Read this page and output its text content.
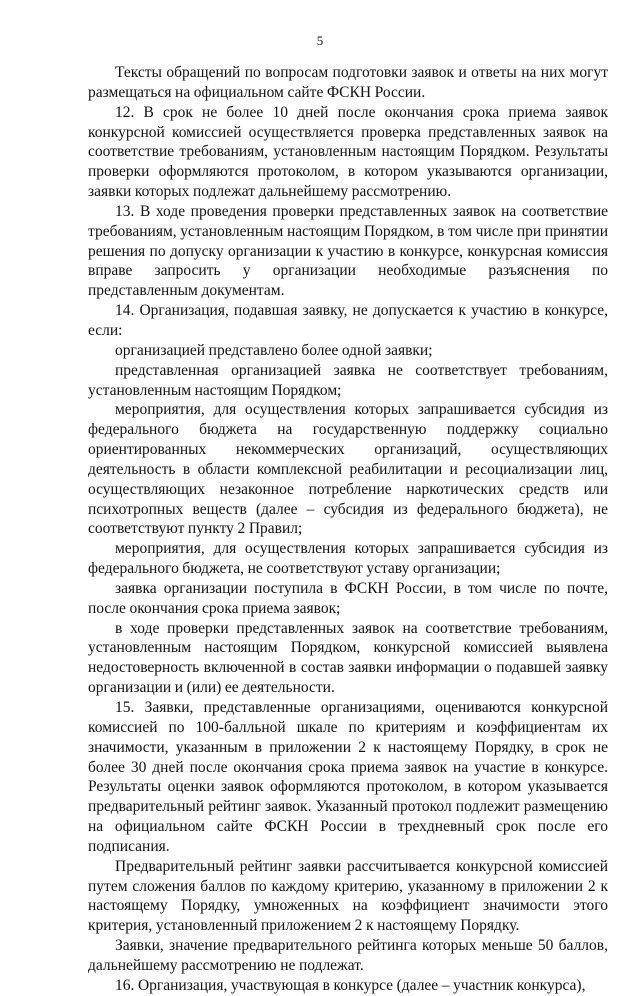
5

Тексты обращений по вопросам подготовки заявок и ответы на них могут размещаться на официальном сайте ФСКН России.

12. В срок не более 10 дней после окончания срока приема заявок конкурсной комиссией осуществляется проверка представленных заявок на соответствие требованиям, установленным настоящим Порядком. Результаты проверки оформляются протоколом, в котором указываются организации, заявки которых подлежат дальнейшему рассмотрению.

13. В ходе проведения проверки представленных заявок на соответствие требованиям, установленным настоящим Порядком, в том числе при принятии решения по допуску организации к участию в конкурсе, конкурсная комиссия вправе запросить у организации необходимые разъяснения по представленным документам.

14. Организация, подавшая заявку, не допускается к участию в конкурсе, если:

организацией представлено более одной заявки;

представленная организацией заявка не соответствует требованиям, установленным настоящим Порядком;

мероприятия, для осуществления которых запрашивается субсидия из федерального бюджета на государственную поддержку социально ориентированных некоммерческих организаций, осуществляющих деятельность в области комплексной реабилитации и ресоциализации лиц, осуществляющих незаконное потребление наркотических средств или психотропных веществ (далее – субсидия из федерального бюджета), не соответствуют пункту 2 Правил;

мероприятия, для осуществления которых запрашивается субсидия из федерального бюджета, не соответствуют уставу организации;

заявка организации поступила в ФСКН России, в том числе по почте, после окончания срока приема заявок;

в ходе проверки представленных заявок на соответствие требованиям, установленным настоящим Порядком, конкурсной комиссией выявлена недостоверность включенной в состав заявки информации о подавшей заявку организации и (или) ее деятельности.

15. Заявки, представленные организациями, оцениваются конкурсной комиссией по 100-балльной шкале по критериям и коэффициентам их значимости, указанным в приложении 2 к настоящему Порядку, в срок не более 30 дней после окончания срока приема заявок на участие в конкурсе. Результаты оценки заявок оформляются протоколом, в котором указывается предварительный рейтинг заявок. Указанный протокол подлежит размещению на официальном сайте ФСКН России в трехдневный срок после его подписания.

Предварительный рейтинг заявки рассчитывается конкурсной комиссией путем сложения баллов по каждому критерию, указанному в приложении 2 к настоящему Порядку, умноженных на коэффициент значимости этого критерия, установленный приложением 2 к настоящему Порядку.

Заявки, значение предварительного рейтинга которых меньше 50 баллов, дальнейшему рассмотрению не подлежат.

16. Организация, участвующая в конкурсе (далее – участник конкурса),
